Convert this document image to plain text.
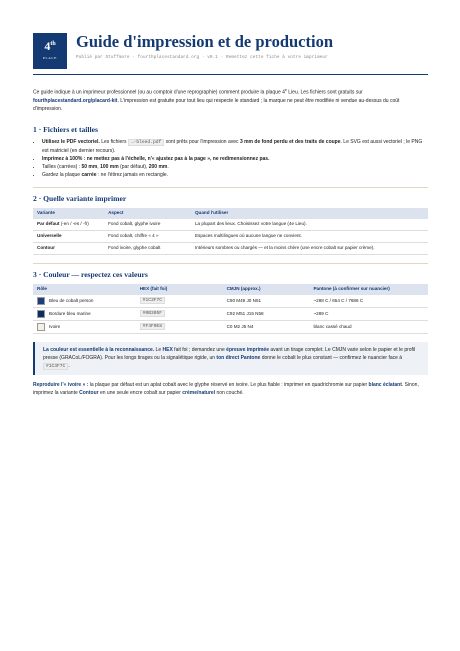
4th
PLACE
Guide d'impression et de production
Publié par Stuffmore · fourthplacestandard.org · v0.1 · Remettez cette fiche à votre imprimeur

Ce guide indique à un imprimeur professionnel (ou au comptoir d'une reprographie) comment produire la plaque 4e Lieu. Les fichiers sont gratuits sur fourthplacestandard.org/placard-kit. L'impression est gratuite pour tout lieu qui respecte le standard ; la marque ne peut être modifiée ni vendue au-dessus du coût d'impression.

1 · Fichiers et tailles
• Utilisez le PDF vectoriel. Les fichiers …-bleed.pdf sont prêts pour l'impression avec 3 mm de fond perdu et des traits de coupe. Le SVG est aussi vectoriel ; le PNG est matriciel (en dernier recours).
• Imprimez à 100% : ne mettez pas à l'échelle, n'« ajustez pas à la page », ne redimensionnez pas.
• Tailles (carrées) : 50 mm, 100 mm (par défaut), 200 mm.
• Gardez la plaque carrée : ne l'étirez jamais en rectangle.
2 · Quelle variante imprimer
Variante	Aspect	Quand l'utiliser
Par défaut (-en / -es / -fr)	Fond cobalt, glyphe ivoire	La plupart des lieux. Choisissez votre langue (4e Lieu).
Universelle	Fond cobalt, chiffre « 4 »	Espaces multilingues où aucune langue ne convient.
Contour	Fond ivoire, glyphe cobalt	Intérieurs sombres ou chargés — et la moins chère (une encre cobalt sur papier crème).
3 · Couleur — respectez ces valeurs
Rôle	HEX (fait foi)	CMJN (approx.)	Pantone (à confirmer sur nuancier)
Bleu de cobalt person	#1C3F7C	C90 M49 J0 N51	~288 C / 654 C / 7686 C
Bordure bleu marine	#0B305F	C92 M51 J15 N58	~289 C
Ivoire	#F4F0E8	C0 M2 J5 N4	blanc cassé chaud
La couleur est essentielle à la reconnaissance. Le HEX fait foi ; demandez une épreuve imprimée avant un tirage complet. Le CMJN varie selon le papier et le profil presse (GRACoL/FOGRA). Pour les longs tirages ou la signalétique rigide, un ton direct Pantone donne le cobalt le plus constant — confirmez le nuancier face à #1C3F7C .

Reproduire l'« ivoire » : la plaque par défaut est un aplat cobalt avec le glyphe réservé en ivoire. Le plus fiable : imprimer en quadrichromie sur papier blanc éclatant. Sinon, imprimez la variante Contour en une seule encre cobalt sur papier crème/naturel non couché.
